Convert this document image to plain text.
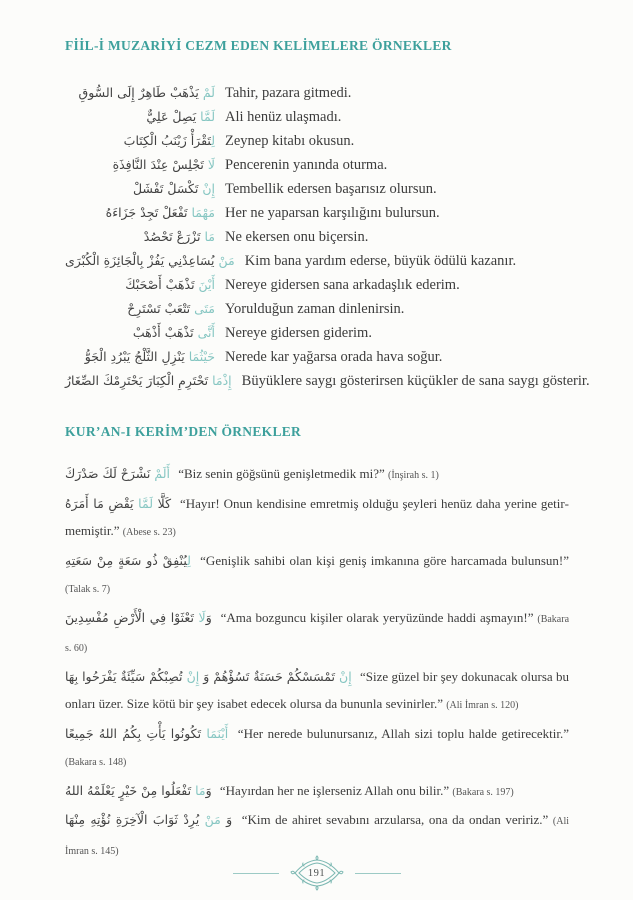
FİİL-İ MUZARİYİ CEZM EDEN KELİMELERE ÖRNEKLER
لَمْ يَذْهَبْ طَاهِرٌ إِلَى السُّوقِ	Tahir, pazara gitmedi.
لَمَّا يَصِلْ عَلِيٌّ	Ali henüz ulaşmadı.
لِ‍‍تَقْرَأْ زَيْنَبُ الْكِتَابَ Zeynep kitabı okusun.
لَا تَجْلِسْ عِنْدَ النَّافِذَةِ	Pencerenin yanında oturma.
إِنْ تَكْسَلْ تَفْشَلْ	Tembellik edersen başarısız olursun.
مَهْمَا تَفْعَلْ تَجِدْ جَزَاءَهُ	Her ne yaparsan karşılığını bulursun.
مَا تَزْرَعْ تَحْصُدْ	Ne ekersen onu biçersin.
مَنْ يُسَاعِدْنِي يَفُزْ بِالْجَائِزَةِ الْكُبْرَى	Kim bana yardım ederse, büyük ödülü kazanır.
أَيْنَ تَذْهَبْ أَصْحَبْكَ	Nereye gidersen sana arkadaşlık ederim.
مَتَى تَتْعَبْ تَسْتَرِحْ	Yorulduğun zaman dinlenirsin.
أَنَّى تَذْهَبْ أَذْهَبْ	Nereye gidersen giderim.
حَيْثُمَا يَنْزِلِ الثَّلْجُ يَبْرُدِ الْجَوُّ	Nerede kar yağarsa orada hava soğur.
إِذْمَا تَحْتَرِمِ الْكِبَارَ يَحْتَرِمْكَ الصِّغَارُ	Büyüklere saygı gösterirsen küçükler de sana saygı gösterir.
KUR’AN-I KERİM’DEN ÖRNEKLER

أَلَمْ نَشْرَحْ لَكَ صَدْرَكَ “Biz senin göğsünü genişletmedik mi?” (İnşirah s. 1)

كَلَّا لَمَّا يَقْضِ مَا أَمَرَهُ	“Hayır! Onun kendisine emretmiş olduğu şeyleri henüz daha yerine getirmemiştir.” (Abese s. 23)

لِ‍‍يُنْفِقْ ذُو سَعَةٍ مِنْ سَعَتِهِ “Genişlik sahibi olan kişi geniş imkanına göre harcamada bulunsun!” (Talak s. 7)

وَلَا تَعْثَوْا فِي الْأَرْضِ مُفْسِدِينَ “Ama bozguncu kişiler olarak yeryüzünde haddi aşmayın!” (Bakara s. 60)

إِنْ تَمْسَسْكُمْ حَسَنَةٌ تَسُؤْهُمْ وَ إِنْ تُصِبْكُمْ سَيِّئَةٌ يَفْرَحُوا بِهَا	“Size güzel bir şey dokunacak olursa bu onları üzer. Size kötü bir şey isabet edecek olursa da bununla sevinirler.” (Ali İmran s. 120)

أَيْنَمَا تَكُونُوا يَأْتِ بِكُمُ اللهُ جَمِيعًا “Her nerede bulunursanız, Allah sizi toplu halde getirecektir.” (Bakara s. 148)

وَمَا تَفْعَلُوا مِنْ خَيْرٍ يَعْلَمْهُ اللهُ “Hayırdan her ne işlerseniz Allah onu bilir.” (Bakara s. 197)

وَ مَنْ يُرِدْ ثَوَابَ الْآخِرَةِ نُؤْتِهِ مِنْهَا	“Kim de ahiret sevabını arzularsa, ona da ondan veririz.” (Ali İmran s. 145)

191
